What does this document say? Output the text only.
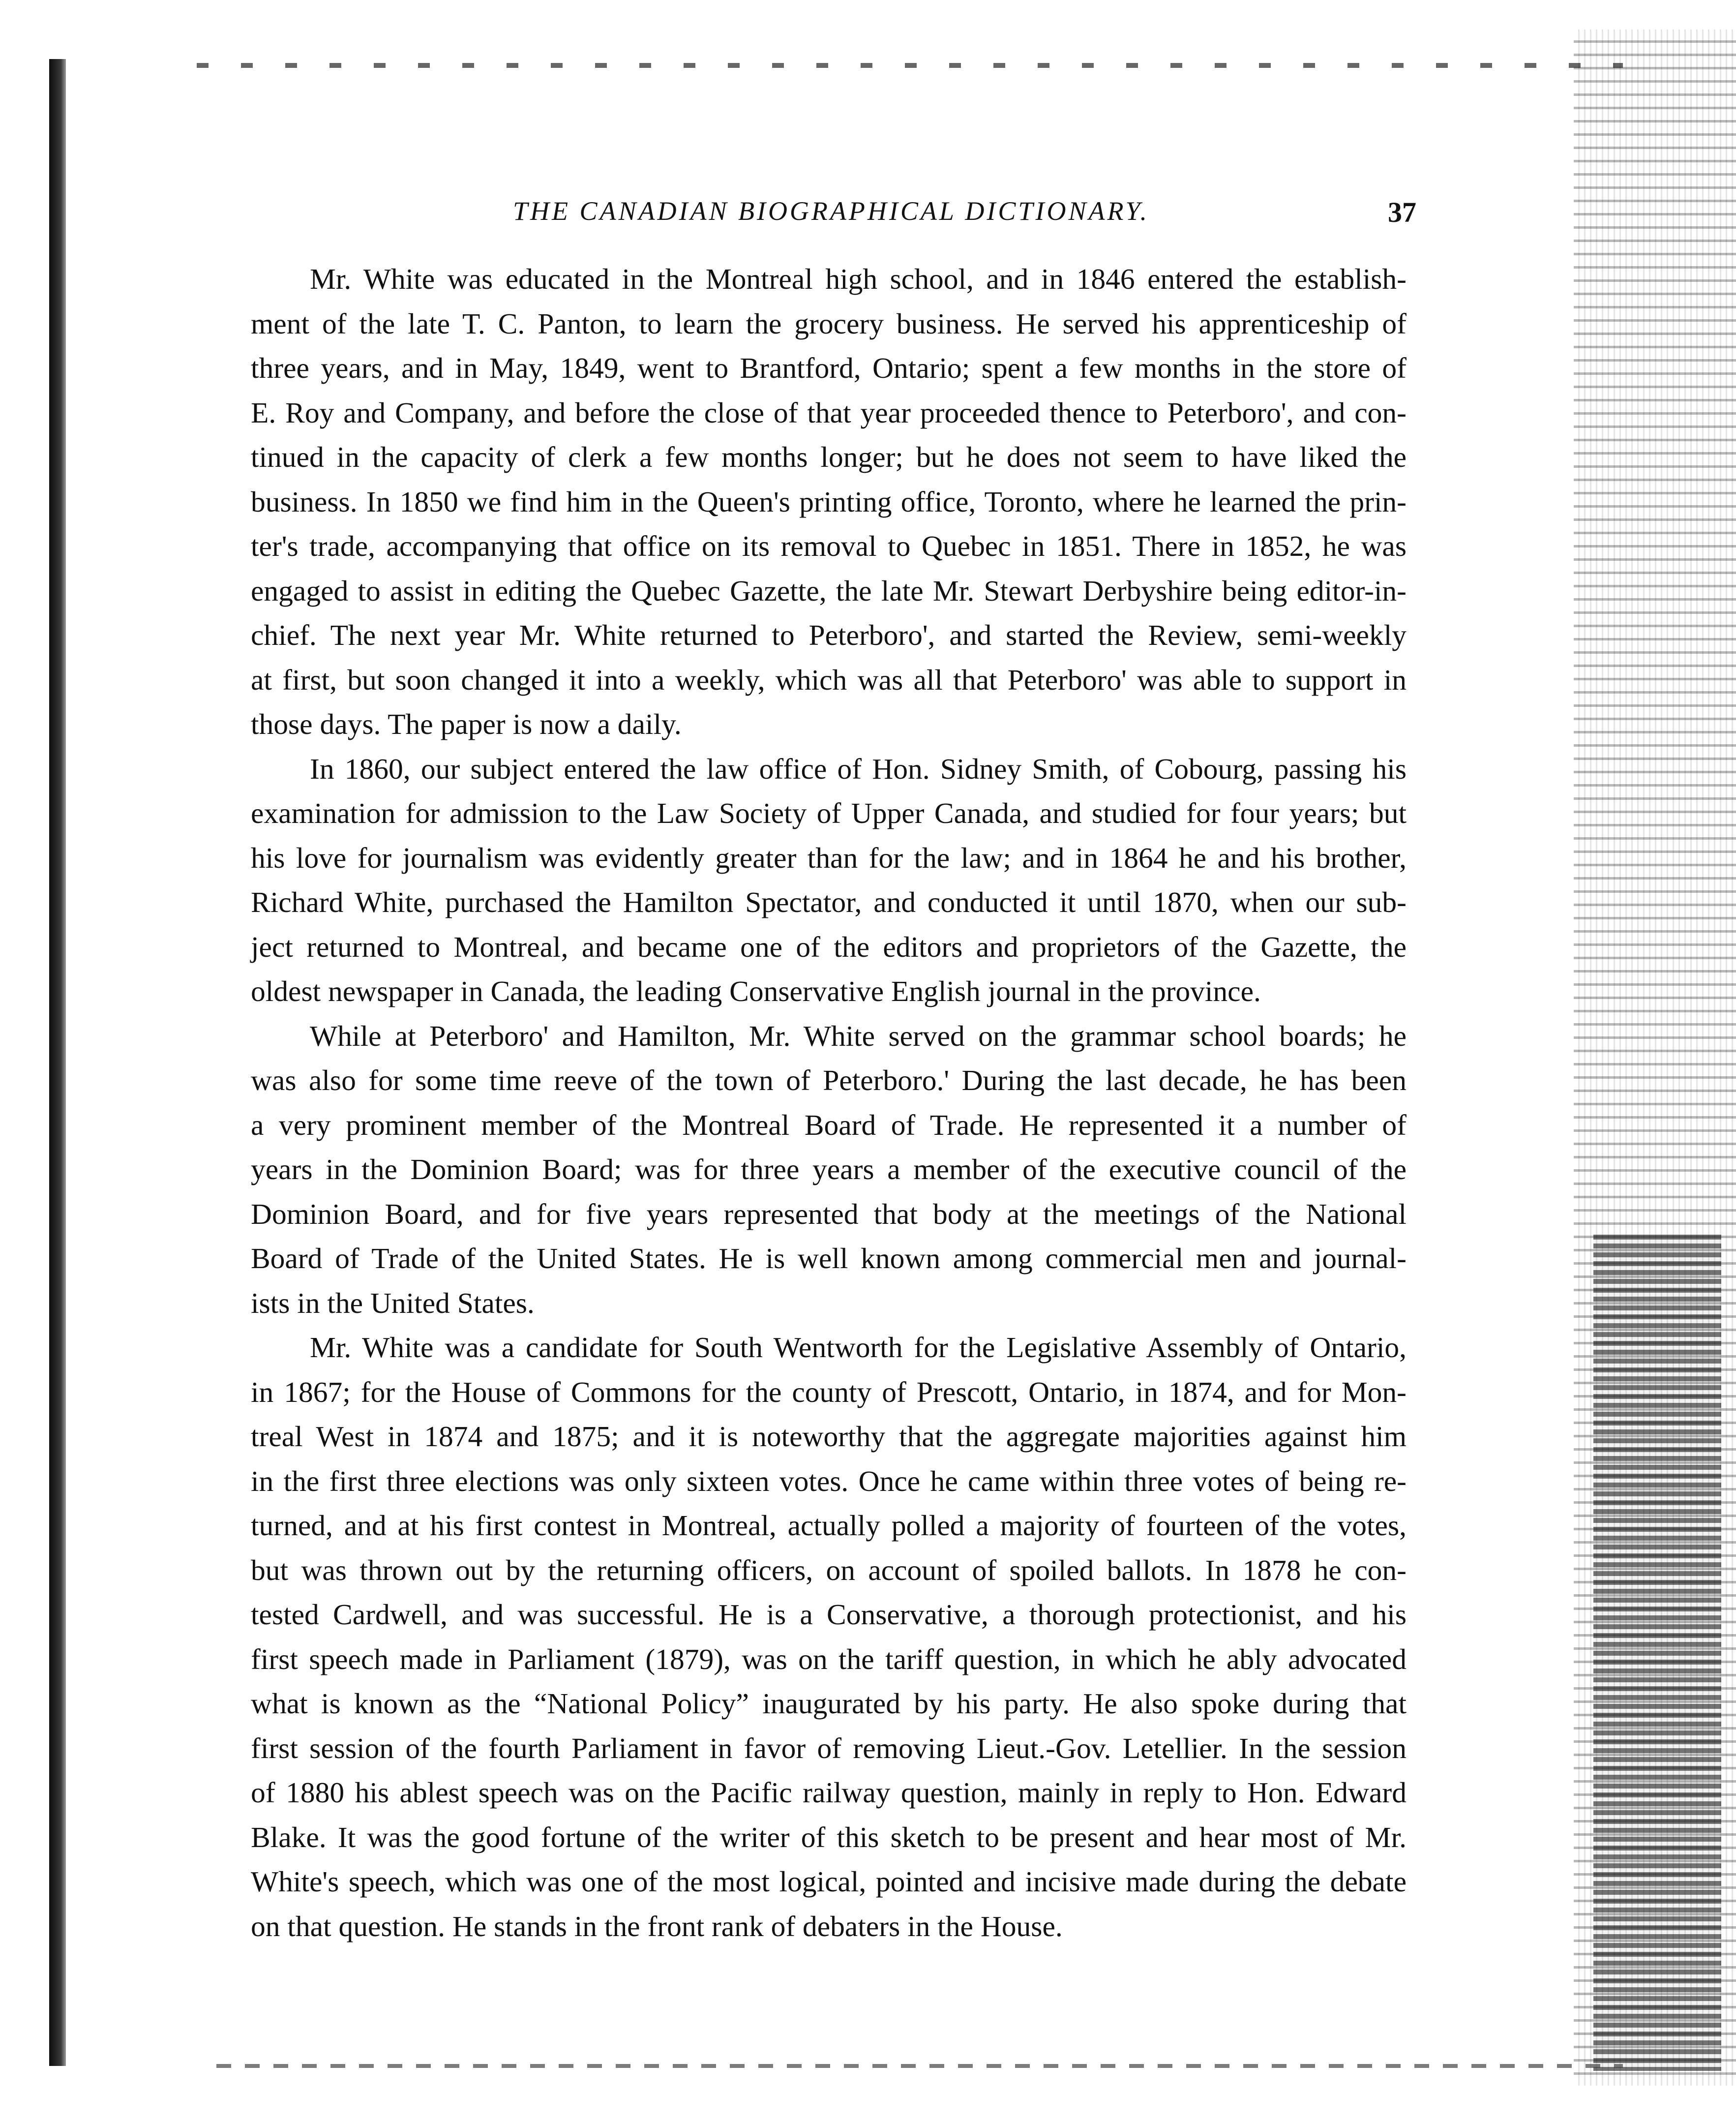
THE CANADIAN BIOGRAPHICAL DICTIONARY.	37
Mr. White was educated in the Montreal high school, and in 1846 entered the establish-
ment of the late T. C. Panton, to learn the grocery business. He served his apprenticeship of
three years, and in May, 1849, went to Brantford, Ontario; spent a few months in the store of
E. Roy and Company, and before the close of that year proceeded thence to Peterboro', and con-
tinued in the capacity of clerk a few months longer; but he does not seem to have liked the
business. In 1850 we find him in the Queen's printing office, Toronto, where he learned the prin-
ter's trade, accompanying that office on its removal to Quebec in 1851. There in 1852, he was
engaged to assist in editing the Quebec Gazette, the late Mr. Stewart Derbyshire being editor-in-
chief. The next year Mr. White returned to Peterboro', and started the Review, semi-weekly
at first, but soon changed it into a weekly, which was all that Peterboro' was able to support in
those days. The paper is now a daily.
In 1860, our subject entered the law office of Hon. Sidney Smith, of Cobourg, passing his
examination for admission to the Law Society of Upper Canada, and studied for four years; but
his love for journalism was evidently greater than for the law; and in 1864 he and his brother,
Richard White, purchased the Hamilton Spectator, and conducted it until 1870, when our sub-
ject returned to Montreal, and became one of the editors and proprietors of the Gazette, the
oldest newspaper in Canada, the leading Conservative English journal in the province.
While at Peterboro' and Hamilton, Mr. White served on the grammar school boards; he
was also for some time reeve of the town of Peterboro.' During the last decade, he has been
a very prominent member of the Montreal Board of Trade. He represented it a number of
years in the Dominion Board; was for three years a member of the executive council of the
Dominion Board, and for five years represented that body at the meetings of the National
Board of Trade of the United States. He is well known among commercial men and journal-
ists in the United States.
Mr. White was a candidate for South Wentworth for the Legislative Assembly of Ontario,
in 1867; for the House of Commons for the county of Prescott, Ontario, in 1874, and for Mon-
treal West in 1874 and 1875; and it is noteworthy that the aggregate majorities against him
in the first three elections was only sixteen votes. Once he came within three votes of being re-
turned, and at his first contest in Montreal, actually polled a majority of fourteen of the votes,
but was thrown out by the returning officers, on account of spoiled ballots. In 1878 he con-
tested Cardwell, and was successful. He is a Conservative, a thorough protectionist, and his
first speech made in Parliament (1879), was on the tariff question, in which he ably advocated
what is known as the “National Policy” inaugurated by his party. He also spoke during that
first session of the fourth Parliament in favor of removing Lieut.-Gov. Letellier. In the session
of 1880 his ablest speech was on the Pacific railway question, mainly in reply to Hon. Edward
Blake. It was the good fortune of the writer of this sketch to be present and hear most of Mr.
White's speech, which was one of the most logical, pointed and incisive made during the debate
on that question. He stands in the front rank of debaters in the House.
